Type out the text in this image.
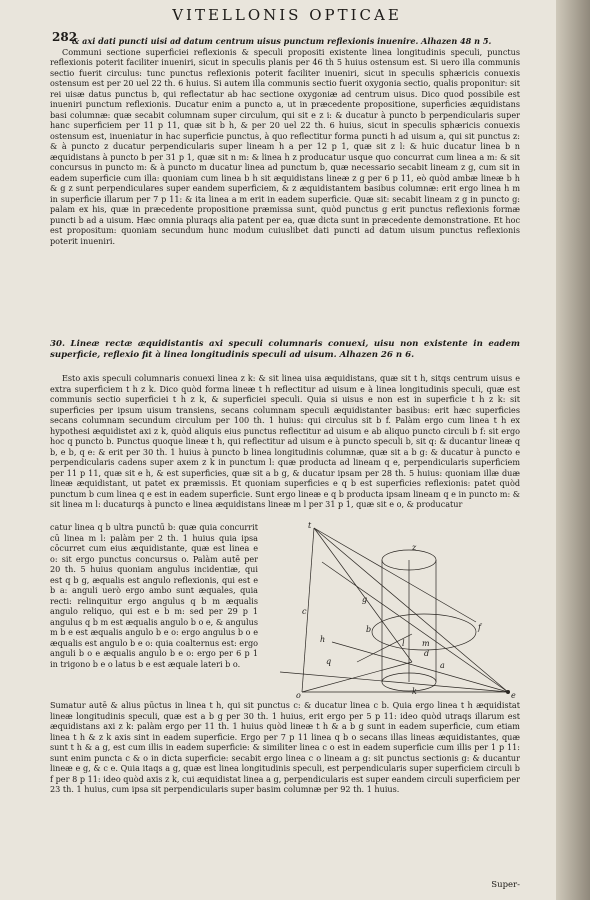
VITELLONIS OPTICAE
282

& axi dati puncti uisi ad datum centrum uisus punctum reflexionis inuenire. Alhazen 48 n 5.

Communi sectione superficiei reflexionis & speculi propositi existente linea longitudinis speculi, punctus reflexionis poterit faciliter inueniri, sicut in speculis planis per 46 th 5 huius ostensum est. Si uero illa communis sectio fuerit circulus: tunc punctus reflexionis poterit faciliter inueniri, sicut in speculis sphæricis conuexis ostensum est per 20 uel 22 th. 6 huius. Si autem illa communis sectio fuerit oxygonia sectio, qualis proponitur: sit rei uisæ datus punctus b, qui reflectatur ab hac sectione oxygoniæ ad centrum uisus. Dico quod possibile est inueniri punctum reflexionis. Ducatur enim a puncto a, ut in præcedente propositione, superficies æquidistans basi columnæ: quæ secabit columnam super circulum, qui sit e z i: & ducatur à puncto b perpendicularis super hanc superficiem per 11 p 11, quæ sit b h, & per 20 uel 22 th. 6 huius, sicut in speculis sphæricis conuexis ostensum est, inueniatur in hac superficie punctus, à quo reflectitur forma puncti h ad uisum a, qui sit punctus z: & à puncto z ducatur perpendicularis super lineam h a per 12 p 1, quæ sit z l: & huic ducatur linea b n æquidistans à puncto b per 31 p 1, quæ sit n m: & linea h z producatur usque quo concurrat cum linea a m: & sit concursus in puncto m: & à puncto m ducatur linea ad punctum b, quæ necessario secabit lineam z g, cum sit in eadem superficie cum illa: quoniam cum linea b h sit æquidistans lineæ z g per 6 p 11, eò quòd ambæ lineæ b h & g z sunt perpendiculares super eandem superficiem, & z æquidistantem basibus columnæ: erit ergo linea h m in superficie illarum per 7 p 11: & ita linea a m erit in eadem superficie. Quæ sit: secabit lineam z g in puncto g: palam ex his, quæ in præcedente propositione præmissa sunt, quòd punctus g erit punctus reflexionis formæ puncti b ad a uisum. Hæc omnia pluraqs alia patent per ea, quæ dicta sunt in præcedente demonstratione. Et hoc est propositum: quoniam secundum hunc modum cuiuslibet dati puncti ad datum uisum punctus reflexionis poterit inueniri.

30. Lineæ rectæ æquidistantis axi speculi columnaris conuexi, uisu non existente in eadem superficie, reflexio fit à linea longitudinis speculi ad uisum. Alhazen 26 n 6.

Esto axis speculi columnaris conuexi linea z k: & sit linea uisa æquidistans, quæ sit t h, sitqs centrum uisus e extra superficiem t h z k. Dico quòd forma lineæ t h reflectitur ad uisum e à linea longitudinis speculi, quæ est communis sectio superficiei t h z k, & superficiei speculi. Quia si uisus e non est in superficie t h z k: sit superficies per ipsum uisum transiens, secans columnam speculi æquidistanter basibus: erit hæc superficies secans columnam secundum circulum per 100 th. 1 huius: qui circulus sit b f. Palàm ergo cum linea t h ex hypothesi æquidistet axi z k, quòd aliquis eius punctus reflectitur ad uisum e ab aliquo puncto circuli b f: sit ergo hoc q puncto b. Punctus quoque lineæ t h, qui reflectitur ad uisum e à puncto speculi b, sit q: & ducantur lineæ q b, e b, q e: & erit per 30 th. 1 huius à puncto b linea longitudinis columnæ, quæ sit a b g: & ducatur à puncto e perpendicularis cadens super axem z k in punctum l: quæ producta ad lineam q e, perpendicularis superficiem per 11 p 11, quæ sit e h, & est superficies, quæ sit a b g, & ducatur ipsam per 28 th. 5 huius: quoniam illæ duæ lineæ æquidistant, ut patet ex præmissis. Et quoniam superficies e q b est superficies reflexionis: patet quòd punctum b cum linea q e est in eadem superficie. Sunt ergo lineæ e q b producta ipsam lineam q e in puncto m: & sit linea m l: ducaturqs à puncto e linea æquidistans lineæ m l per 31 p 1, quæ sit e o, & producatur

catur linea q b ultra punctū b: quæ quia concurrit cū linea m l: palàm per 2 th. 1 huius quia ipsa cōcurret cum eius æquidistante, quæ est linea e o: sit ergo punctus concursus o. Palàm autē per 20 th. 5 huius quoniam angulus incidentiæ, qui est q b g, æqualis est angulo reflexionis, qui est e b a: anguli uerò ergo ambo sunt æquales, quia recti: relinquitur ergo angulus q b m æqualis angulo reliquo, qui est e b m: sed per 29 p 1 angulus q b m est æqualis angulo b o e, & angulus m b e est æqualis angulo b e o: ergo angulus b o e æqualis est angulo b e o: quia coalternus est: ergo anguli b o e æqualis angulo b e o: ergo per 6 p 1 in trigono b e o latus b e est æquale lateri b o.
t
h
z
f
g
q
b
a
d
k
m
l
o	e
c
Sumatur autē & alius pūctus in linea t h, qui sit punctus c: & ducatur linea c b. Quia ergo linea t h æquidistat lineæ longitudinis speculi, quæ est a b g per 30 th. 1 huius, erit ergo per 5 p 11: ideo quòd utraqs illarum est æquidistans axi z k: palàm ergo per 11 th. 1 huius quòd lineæ t h & a b g sunt in eadem superficie, cum etiam linea t h & z k axis sint in eadem superficie. Ergo per 7 p 11 linea q b o secans illas lineas æquidistantes, quæ sunt t h & a g, est cum illis in eadem superficie: & similiter linea c o est in eadem superficie cum illis per 1 p 11: sunt enim puncta c & o in dicta superficie: secabit ergo linea c o lineam a g: sit punctus sectionis g: & ducantur lineæ e g, & c e. Quia itaqs a g, quæ est linea longitudinis speculi, est perpendicularis super superficiem circuli b f per 8 p 11: ideo quòd axis z k, cui æquidistat linea a g, perpendicularis est super eandem circuli superficiem per 23 th. 1 huius, cum ipsa sit perpendicularis super basim columnæ per 92 th. 1 huius.
Super-
